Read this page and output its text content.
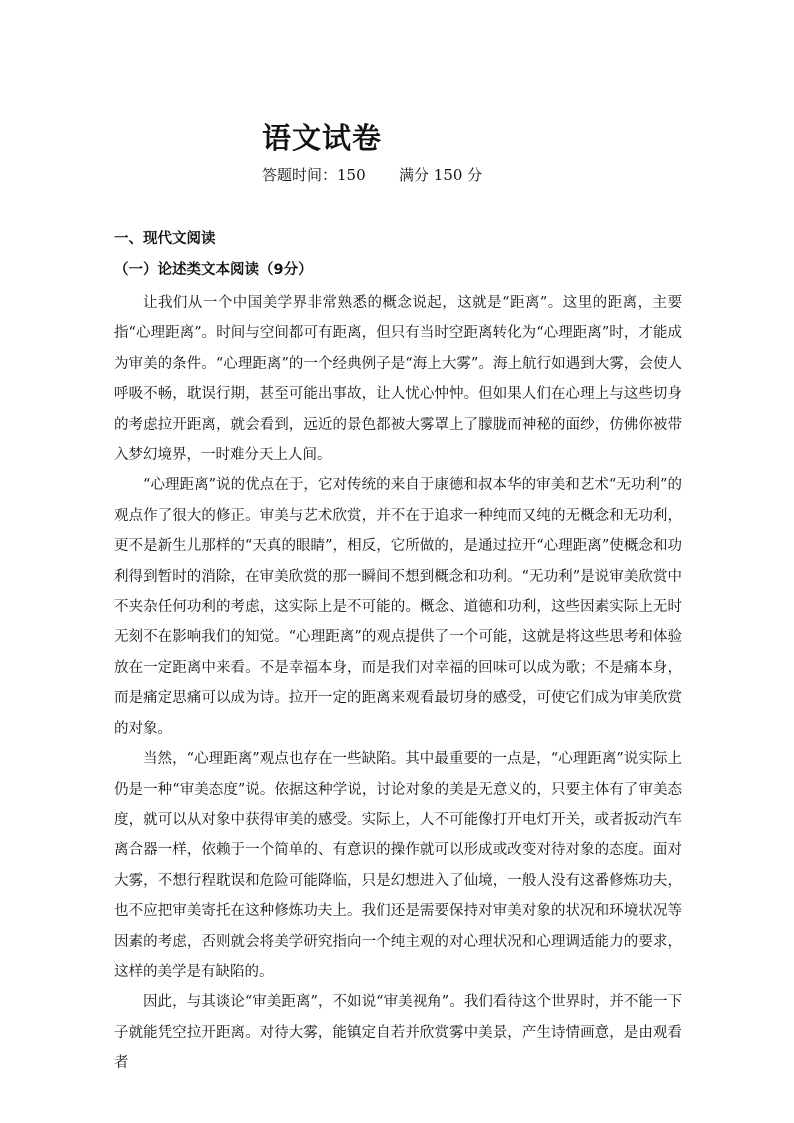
语文试卷
答题时间：150       满分 150 分
一、现代文阅读
（一）论述类文本阅读（9分）

让我们从一个中国美学界非常熟悉的概念说起，这就是“距离”。这里的距离，主要指“心理距离”。时间与空间都可有距离，但只有当时空距离转化为“心理距离”时，才能成为审美的条件。“心理距离”的一个经典例子是“海上大雾”。海上航行如遇到大雾，会使人呼吸不畅，耽误行期，甚至可能出事故，让人忧心忡忡。但如果人们在心理上与这些切身的考虑拉开距离，就会看到，远近的景色都被大雾罩上了朦胧而神秘的面纱，仿佛你被带入梦幻境界，一时难分天上人间。

“心理距离”说的优点在于，它对传统的来自于康德和叔本华的审美和艺术“无功利”的观点作了很大的修正。审美与艺术欣赏，并不在于追求一种纯而又纯的无概念和无功利，更不是新生儿那样的“天真的眼睛”，相反，它所做的，是通过拉开“心理距离”使概念和功利得到暂时的消除，在审美欣赏的那一瞬间不想到概念和功利。“无功利”是说审美欣赏中不夹杂任何功利的考虑，这实际上是不可能的。概念、道德和功利，这些因素实际上无时无刻不在影响我们的知觉。“心理距离”的观点提供了一个可能，这就是将这些思考和体验放在一定距离中来看。不是幸福本身，而是我们对幸福的回味可以成为歌；不是痛本身，而是痛定思痛可以成为诗。拉开一定的距离来观看最切身的感受，可使它们成为审美欣赏的对象。

当然，“心理距离”观点也存在一些缺陷。其中最重要的一点是，“心理距离”说实际上仍是一种“审美态度”说。依据这种学说，讨论对象的美是无意义的，只要主体有了审美态度，就可以从对象中获得审美的感受。实际上，人不可能像打开电灯开关，或者扳动汽车离合器一样，依赖于一个简单的、有意识的操作就可以形成或改变对待对象的态度。面对大雾，不想行程耽误和危险可能降临，只是幻想进入了仙境，一般人没有这番修炼功夫，也不应把审美寄托在这种修炼功夫上。我们还是需要保持对审美对象的状况和环境状况等因素的考虑，否则就会将美学研究指向一个纯主观的对心理状况和心理调适能力的要求，这样的美学是有缺陷的。

因此，与其谈论“审美距离”，不如说“审美视角”。我们看待这个世界时，并不能一下子就能凭空拉开距离。对待大雾，能镇定自若并欣赏雾中美景，产生诗情画意，是由观看者
